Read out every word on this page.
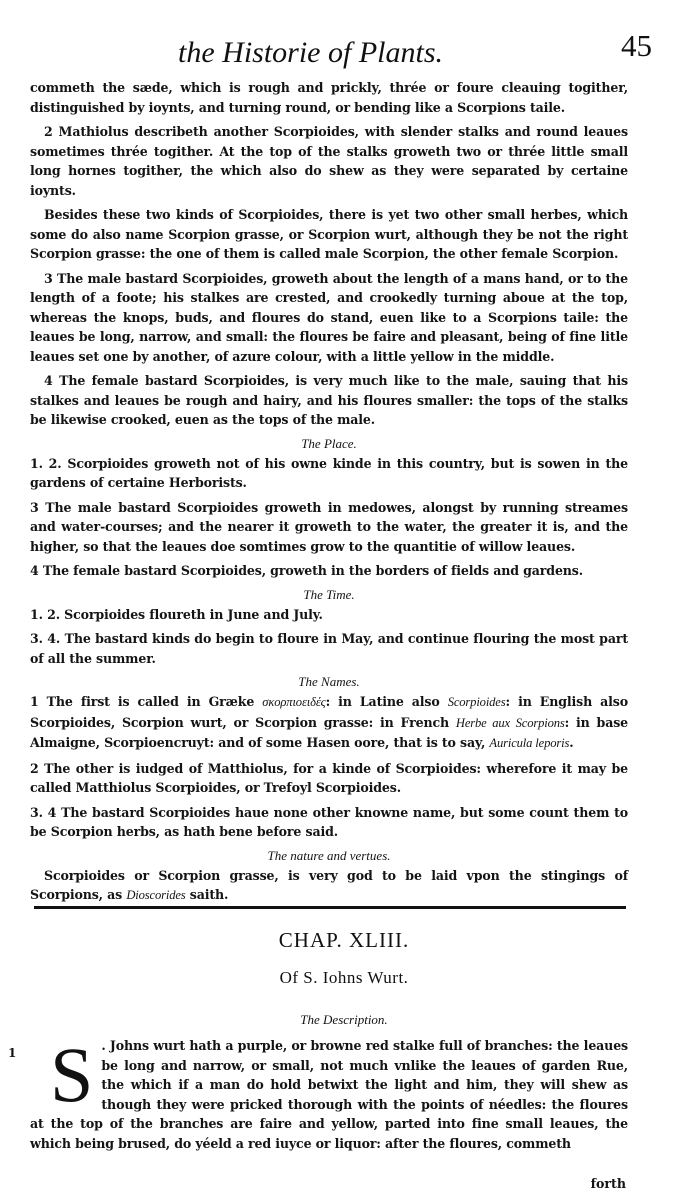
the Historie of Plants.	45

commeth the sæde, which is rough and prickly, thrée or foure cleauing togither, distinguished by ioynts, and turning round, or bending like a Scorpions taile.

2 Mathiolus describeth another Scorpioides, with slender stalks and round leaues sometimes thrée togither. At the top of the stalks groweth two or thrée little small long hornes togither, the which also do shew as they were separated by certaine ioynts.

Besides these two kinds of Scorpioides, there is yet two other small herbes, which some do also name Scorpion grasse, or Scorpion wurt, although they be not the right Scorpion grasse: the one of them is called male Scorpion, the other female Scorpion.

3 The male bastard Scorpioides, groweth about the length of a mans hand, or to the length of a foote; his stalkes are crested, and crookedly turning aboue at the top, whereas the knops, buds, and floures do stand, euen like to a Scorpions taile: the leaues be long, narrow, and small: the floures be faire and pleasant, being of fine litle leaues set one by another, of azure colour, with a little yellow in the middle.

4 The female bastard Scorpioides, is very much like to the male, sauing that his stalkes and leaues be rough and hairy, and his floures smaller: the tops of the stalks be likewise crooked, euen as the tops of the male.

The Place.

1. 2. Scorpioides groweth not of his owne kinde in this country, but is sowen in the gardens of certaine Herborists.

3 The male bastard Scorpioides groweth in medowes, alongst by running streames and water-courses; and the nearer it groweth to the water, the greater it is, and the higher, so that the leaues doe somtimes grow to the quantitie of willow leaues.

4 The female bastard Scorpioides, groweth in the borders of fields and gardens.

The Time.

1. 2. Scorpioides floureth in June and July.

3. 4. The bastard kinds do begin to floure in May, and continue flouring the most part of all the summer.

The Names.

1 The first is called in Græke σκορπιοειδές: in Latine also Scorpioides: in English also Scorpioides, Scorpion wurt, or Scorpion grasse: in French Herbe aux Scorpions: in base Almaigne, Scorpioencruyt: and of some Hasen oore, that is to say, Auricula leporis.

2 The other is iudged of Matthiolus, for a kinde of Scorpioides: wherefore it may be called Matthiolus Scorpioides, or Trefoyl Scorpioides.

3. 4 The bastard Scorpioides haue none other knowne name, but some count them to be Scorpion herbs, as hath bene before said.

The nature and vertues.

Scorpioides or Scorpion grasse, is very god to be laid vpon the stingings of Scorpions, as Dioscorides saith.

CHAP. XLIII.
Of S. Iohns Wurt.
The Description.
1 S . Johns wurt hath a purple, or browne red stalke full of branches: the leaues be long and narrow, or small, not much vnlike the leaues of garden Rue, the which if a man do hold betwixt the light and him, they will shew as though they were pricked thorough with the points of néedles: the floures at the top of the branches are faire and yellow, parted into fine small leaues, the which being brused, do yéeld a red iuyce or liquor: after the floures, commeth

forth
